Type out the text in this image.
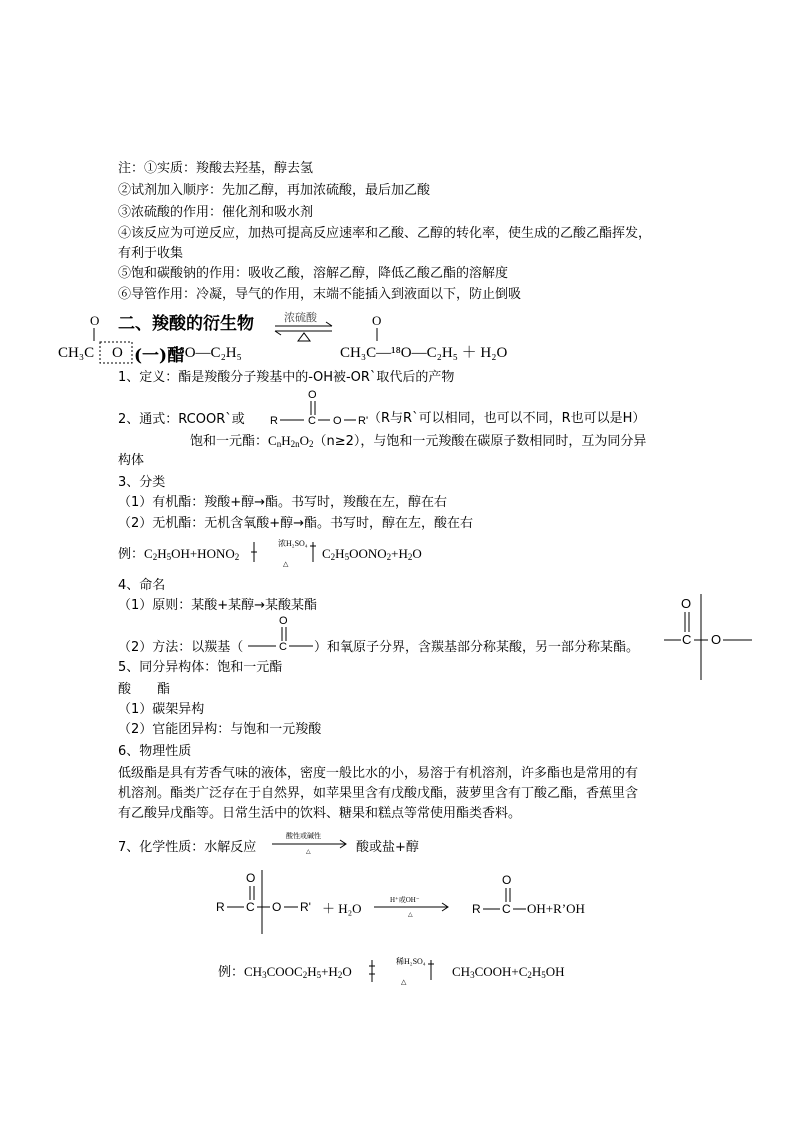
注：①实质：羧酸去羟基，醇去氢
②试剂加入顺序：先加乙醇，再加浓硫酸，最后加乙酸
③浓硫酸的作用：催化剂和吸水剂
④该反应为可逆反应，加热可提高反应速率和乙酸、乙醇的转化率，使生成的乙酸乙酯挥发，
有利于收集
⑤饱和碳酸钠的作用：吸收乙酸，溶解乙醇，降低乙酸乙酯的溶解度
⑥导管作用：冷凝，导气的作用，末端不能插入到液面以下，防止倒吸
二、羧酸的衍生物
O
CH₃C O	¹⁸O—C₂H₅
浓硫酸	O
CH₃C—¹⁸O—C₂H₅ ＋ H₂O
(一)酯
1、定义：酯是羧酸分子羧基中的-OH被-OR`取代后的产物
2、通式：RCOOR`或
O
R	C O R' （R与R`可以相同，也可以不同，R也可以是H）
饱和一元酯：$C_nH_{2n}O_2(n\ge 2)$，与饱和一元羧酸在碳原子数相同时，互为同分异
构体
3、分类
（1）有机酯：羧酸+醇→酯。书写时，羧酸在左，醇在右
（2）无机酯：无机含氧酸+醇→酯。书写时，醇在左，酸在右
例：$C_2H_5OH+HONO_2$
浓H₂SO₄
△
$C_2H_5OONO_2+H_2O$
4、命名
（1）原则：某酸+某醇→某酸某酯
（2）方法：以羰基（
O
C ）和氧原子分界，含羰基部分称某酸，另一部分称某酯。
O
C O
5、同分异构体：饱和一元酯
酸　　酯
（1）碳架异构
（2）官能团异构：与饱和一元羧酸
6、物理性质
低级酯是具有芳香气味的液体，密度一般比水的小，易溶于有机溶剂，许多酯也是常用的有
机溶剂。酯类广泛存在于自然界，如苹果里含有戊酸戊酯，菠萝里含有丁酸乙酯，香蕉里含
有乙酸异戊酯等。日常生活中的饮料、糖果和糕点等常使用酯类香料。
7、化学性质：水解反应
酸性或碱性
△	酸或盐+醇
O
R C O R' ＋ H₂O
H⁺或OH⁻
△
O
R C OH+R’OH
例：$CH_3COOC_2H_5+H_2O$
稀H₂SO₄
△
$CH_3COOH+C_2H_5OH$
